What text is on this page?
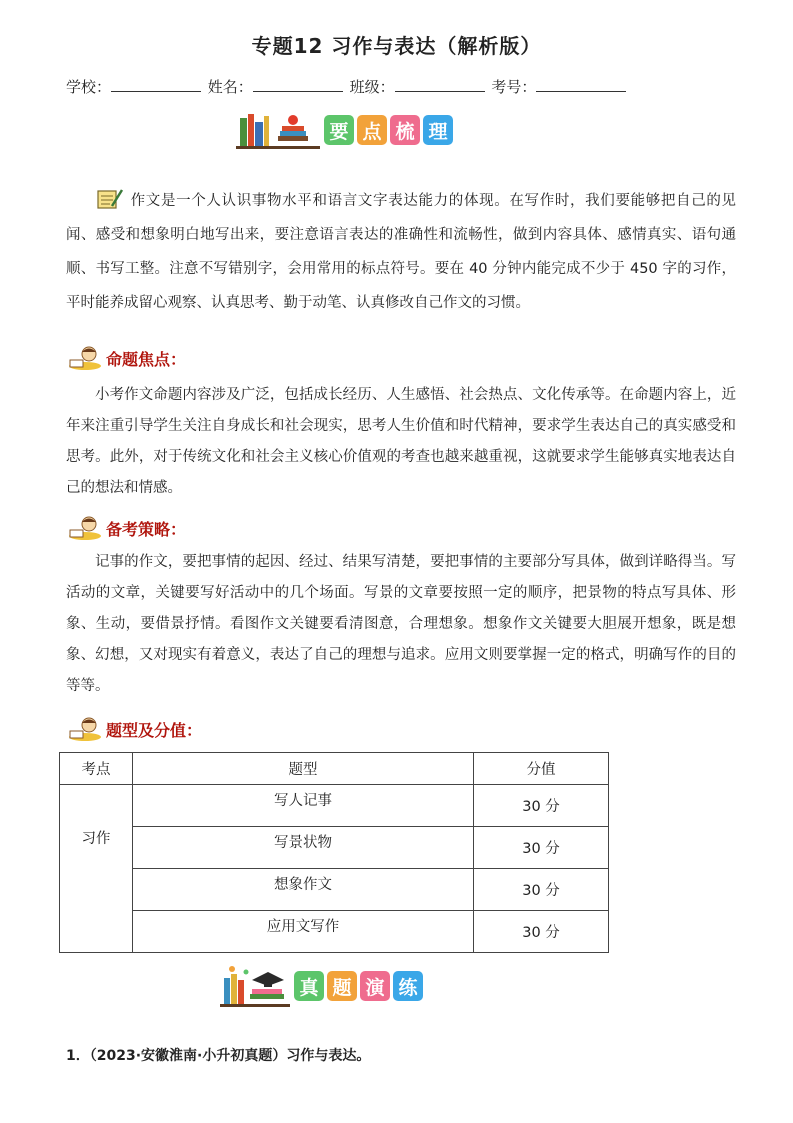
专题12 习作与表达（解析版）
学校：	姓名：	班级：	考号：
要 点 梳 理
作文是一个人认识事物水平和语言文字表达能力的体现。在写作时，我们要能够把自己的见闻、感受和想象明白地写出来，要注意语言表达的准确性和流畅性，做到内容具体、感情真实、语句通顺、书写工整。注意不写错别字，会用常用的标点符号。要在 40 分钟内能完成不少于 450 字的习作，平时能养成留心观察、认真思考、勤于动笔、认真修改自己作文的习惯。
命题焦点：
小考作文命题内容涉及广泛，包括成长经历、人生感悟、社会热点、文化传承等。在命题内容上，近年来注重引导学生关注自身成长和社会现实，思考人生价值和时代精神，要求学生表达自己的真实感受和思考。此外，对于传统文化和社会主义核心价值观的考查也越来越重视，这就要求学生能够真实地表达自己的想法和情感。
备考策略：
记事的作文，要把事情的起因、经过、结果写清楚，要把事情的主要部分写具体，做到详略得当。写活动的文章，关键要写好活动中的几个场面。写景的文章要按照一定的顺序，把景物的特点写具体、形象、生动，要借景抒情。看图作文关键要看清图意，合理想象。想象作文关键要大胆展开想象，既是想象、幻想，又对现实有着意义，表达了自己的理想与追求。应用文则要掌握一定的格式，明确写作的目的等等。
题型及分值：
考点	题型	分值
习作	写人记事	30 分
	写景状物	30 分
	想象作文	30 分
	应用文写作	30 分
真 题 演 练
1．（2023·安徽淮南·小升初真题）习作与表达。
